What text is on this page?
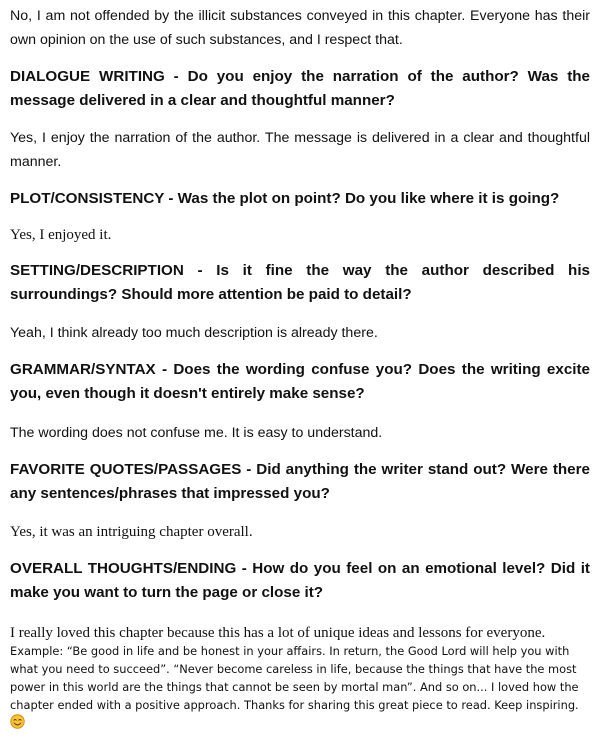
No, I am not offended by the illicit substances conveyed in this chapter. Everyone has their own opinion on the use of such substances, and I respect that.

DIALOGUE WRITING - Do you enjoy the narration of the author? Was the message delivered in a clear and thoughtful manner?

Yes, I enjoy the narration of the author. The message is delivered in a clear and thoughtful manner.

PLOT/CONSISTENCY - Was the plot on point? Do you like where it is going?

Yes, I enjoyed it.

SETTING/DESCRIPTION - Is it fine the way the author described his surroundings? Should more attention be paid to detail?

Yeah, I think already too much description is already there.

GRAMMAR/SYNTAX - Does the wording confuse you? Does the writing excite you, even though it doesn't entirely make sense?

The wording does not confuse me. It is easy to understand.

FAVORITE QUOTES/PASSAGES - Did anything the writer stand out? Were there any sentences/phrases that impressed you?

Yes, it was an intriguing chapter overall.

OVERALL THOUGHTS/ENDING - How do you feel on an emotional level? Did it make you want to turn the page or close it?

I really loved this chapter because this has a lot of unique ideas and lessons for everyone.

Example: “Be good in life and be honest in your affairs. In return, the Good Lord will help you with what you need to succeed”. “Never become careless in life, because the things that have the most power in this world are the things that cannot be seen by mortal man”. And so on... I loved how the chapter ended with a positive approach. Thanks for sharing this great piece to read. Keep inspiring.
